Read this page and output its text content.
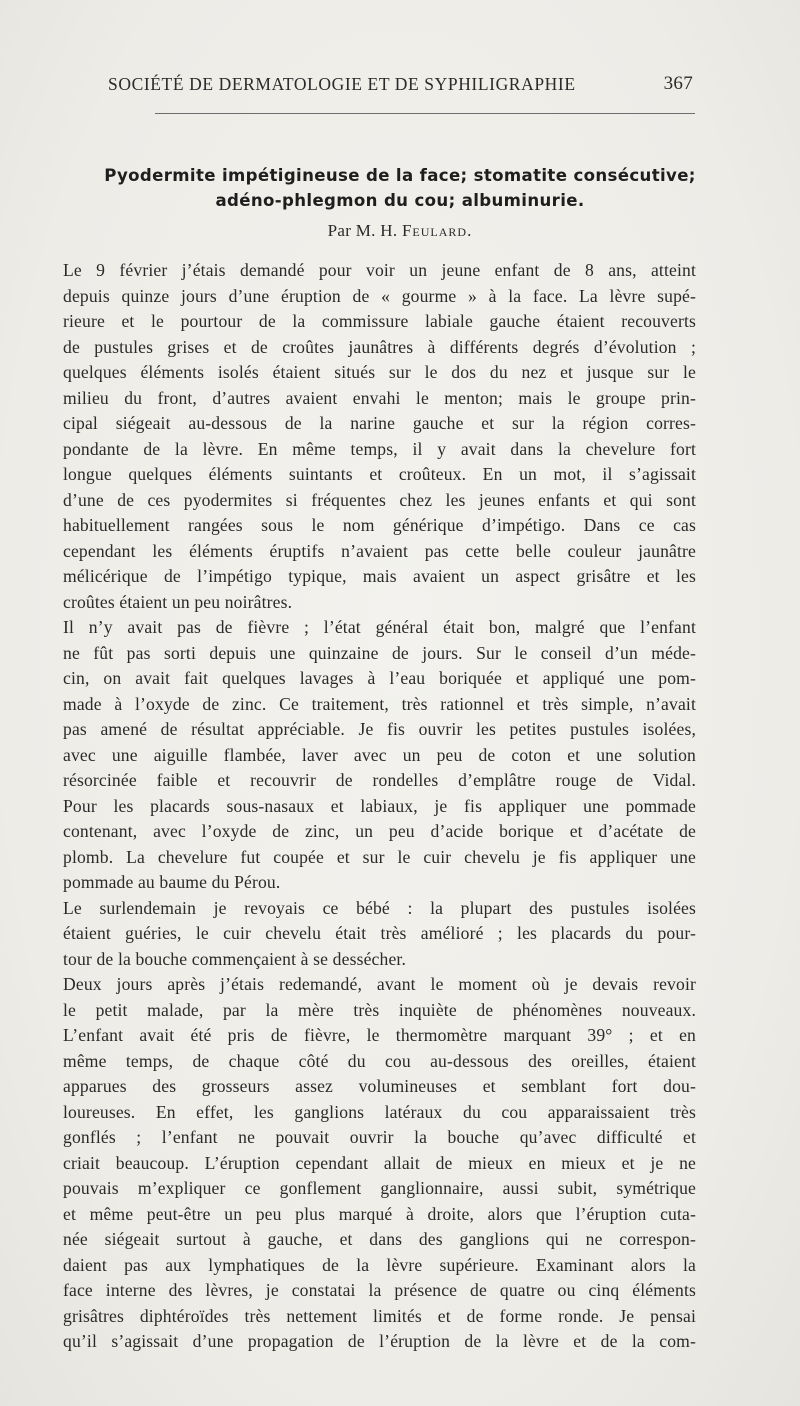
SOCIÉTÉ DE DERMATOLOGIE ET DE SYPHILIGRAPHIE	367
Pyodermite impétigineuse de la face; stomatite consécutive;
adéno-phlegmon du cou; albuminurie.
Par M. H. Feulard.
Le 9 février j’étais demandé pour voir un jeune enfant de 8 ans, atteint
depuis quinze jours d’une éruption de « gourme » à la face. La lèvre supé-
rieure et le pourtour de la commissure labiale gauche étaient recouverts
de pustules grises et de croûtes jaunâtres à différents degrés d’évolution ;
quelques éléments isolés étaient situés sur le dos du nez et jusque sur le
milieu du front, d’autres avaient envahi le menton; mais le groupe prin-
cipal siégeait au-dessous de la narine gauche et sur la région corres-
pondante de la lèvre. En même temps, il y avait dans la chevelure fort
longue quelques éléments suintants et croûteux. En un mot, il s’agissait
d’une de ces pyodermites si fréquentes chez les jeunes enfants et qui sont
habituellement rangées sous le nom générique d’impétigo. Dans ce cas
cependant les éléments éruptifs n’avaient pas cette belle couleur jaunâtre
mélicérique de l’impétigo typique, mais avaient un aspect grisâtre et les
croûtes étaient un peu noirâtres.
Il n’y avait pas de fièvre ; l’état général était bon, malgré que l’enfant
ne fût pas sorti depuis une quinzaine de jours. Sur le conseil d’un méde-
cin, on avait fait quelques lavages à l’eau boriquée et appliqué une pom-
made à l’oxyde de zinc. Ce traitement, très rationnel et très simple, n’avait
pas amené de résultat appréciable. Je fis ouvrir les petites pustules isolées,
avec une aiguille flambée, laver avec un peu de coton et une solution
résorcinée faible et recouvrir de rondelles d’emplâtre rouge de Vidal.
Pour les placards sous-nasaux et labiaux, je fis appliquer une pommade
contenant, avec l’oxyde de zinc, un peu d’acide borique et d’acétate de
plomb. La chevelure fut coupée et sur le cuir chevelu je fis appliquer une
pommade au baume du Pérou.
Le surlendemain je revoyais ce bébé : la plupart des pustules isolées
étaient guéries, le cuir chevelu était très amélioré ; les placards du pour-
tour de la bouche commençaient à se dessécher.
Deux jours après j’étais redemandé, avant le moment où je devais revoir
le petit malade, par la mère très inquiète de phénomènes nouveaux.
L’enfant avait été pris de fièvre, le thermomètre marquant 39° ; et en
même temps, de chaque côté du cou au-dessous des oreilles, étaient
apparues des grosseurs assez volumineuses et semblant fort dou-
loureuses. En effet, les ganglions latéraux du cou apparaissaient très
gonflés ; l’enfant ne pouvait ouvrir la bouche qu’avec difficulté et
criait beaucoup. L’éruption cependant allait de mieux en mieux et je ne
pouvais m’expliquer ce gonflement ganglionnaire, aussi subit, symétrique
et même peut-être un peu plus marqué à droite, alors que l’éruption cuta-
née siégeait surtout à gauche, et dans des ganglions qui ne correspon-
daient pas aux lymphatiques de la lèvre supérieure. Examinant alors la
face interne des lèvres, je constatai la présence de quatre ou cinq éléments
grisâtres diphtéroïdes très nettement limités et de forme ronde. Je pensai
qu’il s’agissait d’une propagation de l’éruption de la lèvre et de la com-
